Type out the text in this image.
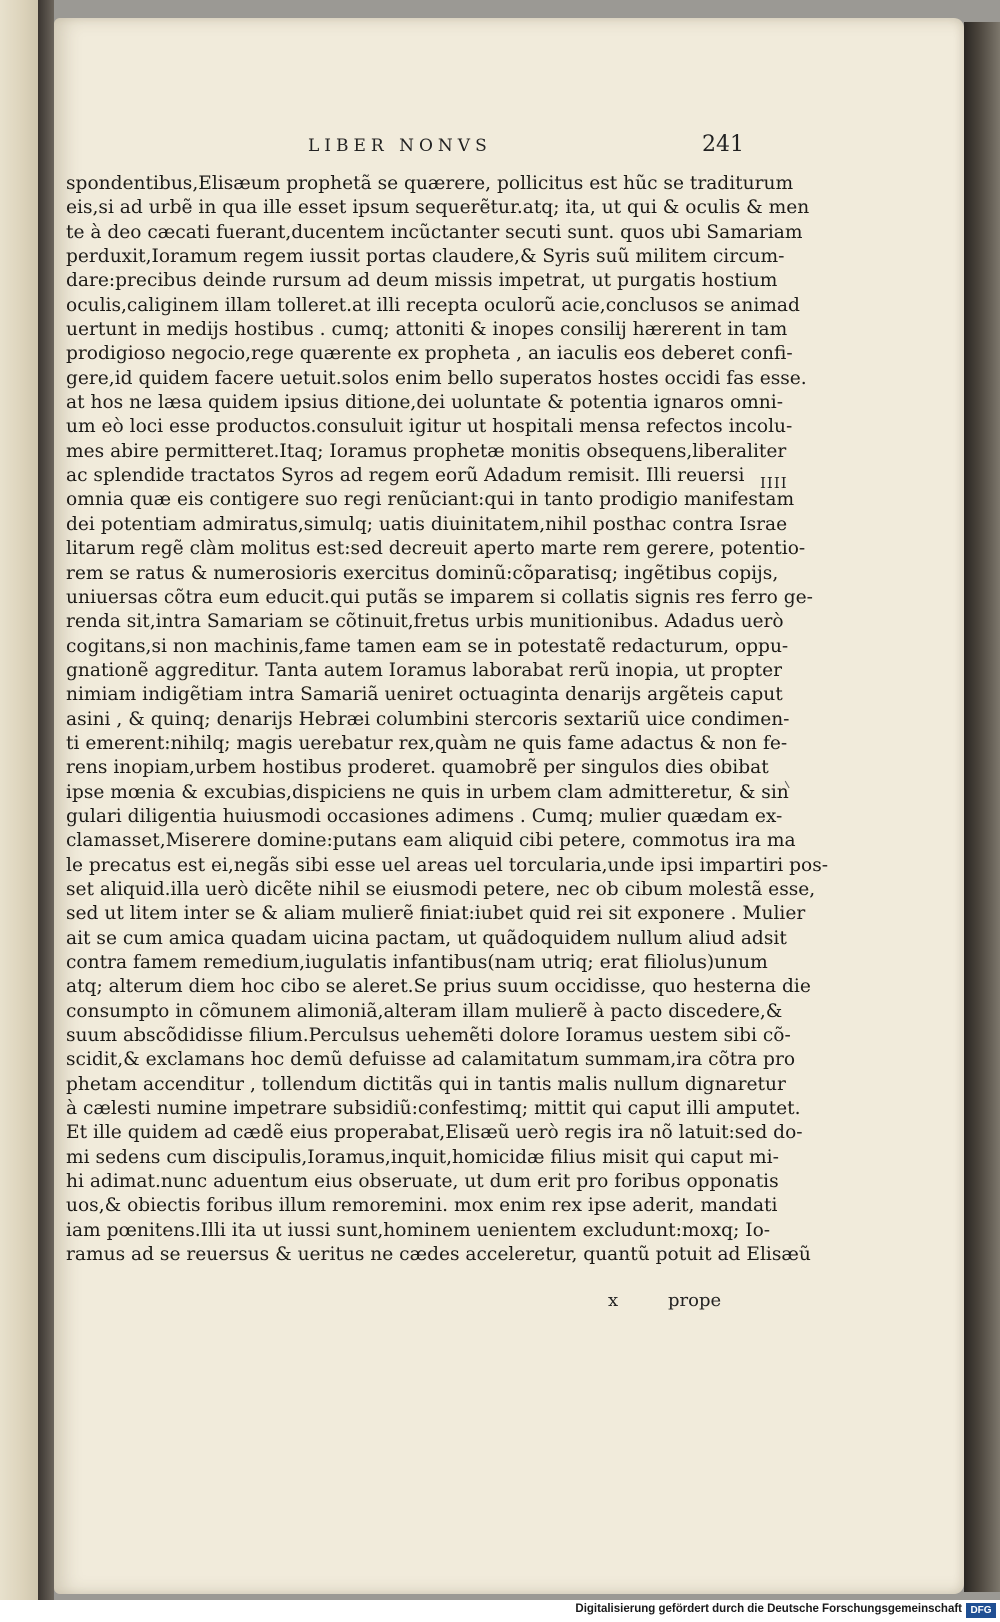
LIBER NONVS	241
spondentibus,Elisæum prophetã se quærere, pollicitus est hũc se traditurum
eis,si ad urbẽ in qua ille esset ipsum sequerẽtur.atq; ita, ut qui & oculis & men
te à deo cæcati fuerant,ducentem incũctanter secuti sunt. quos ubi Samariam
perduxit,Ioramum regem iussit portas claudere,& Syris suũ militem circum-
dare:precibus deinde rursum ad deum missis impetrat, ut purgatis hostium
oculis,caliginem illam tolleret.at illi recepta oculorũ acie,conclusos se animad
uertunt in medijs hostibus . cumq; attoniti & inopes consilij hærerent in tam
prodigioso negocio,rege quærente ex propheta , an iaculis eos deberet confi-
gere,id quidem facere uetuit.solos enim bello superatos hostes occidi fas esse.
at hos ne læsa quidem ipsius ditione,dei uoluntate & potentia ignaros omni-
um eò loci esse productos.consuluit igitur ut hospitali mensa refectos incolu-
mes abire permitteret.Itaq; Ioramus prophetæ monitis obsequens,liberaliter
ac splendide tractatos Syros ad regem eorũ Adadum remisit. Illi reuersi
omnia quæ eis contigere suo regi renũciant:qui in tanto prodigio manifestam
dei potentiam admiratus,simulq; uatis diuinitatem,nihil posthac contra Israe
litarum regẽ clàm molitus est:sed decreuit aperto marte rem gerere, potentio-
rem se ratus & numerosioris exercitus dominũ:cõparatisq; ingẽtibus copijs,
uniuersas cõtra eum educit.qui putãs se imparem si collatis signis res ferro ge-
renda sit,intra Samariam se cõtinuit,fretus urbis munitionibus. Adadus uerò
cogitans,si non machinis,fame tamen eam se in potestatẽ redacturum, oppu-
gnationẽ aggreditur. Tanta autem Ioramus laborabat rerũ inopia, ut propter
nimiam indigẽtiam intra Samariã ueniret octuaginta denarijs argẽteis caput
asini , & quinq; denarijs Hebræi columbini stercoris sextariũ uice condimen-
ti emerent:nihilq; magis uerebatur rex,quàm ne quis fame adactus & non fe-
rens inopiam,urbem hostibus proderet. quamobrẽ per singulos dies obibat
ipse mœnia & excubias,dispiciens ne quis in urbem clam admitteretur, & sin
gulari diligentia huiusmodi occasiones adimens . Cumq; mulier quædam ex-
clamasset,Miserere domine:putans eam aliquid cibi petere, commotus ira ma
le precatus est ei,negãs sibi esse uel areas uel torcularia,unde ipsi impartiri pos-
set aliquid.illa uerò dicẽte nihil se eiusmodi petere, nec ob cibum molestã esse,
sed ut litem inter se & aliam mulierẽ finiat:iubet quid rei sit exponere . Mulier
ait se cum amica quadam uicina pactam, ut quãdoquidem nullum aliud adsit
contra famem remedium,iugulatis infantibus(nam utriq; erat filiolus)unum
atq; alterum diem hoc cibo se aleret.Se prius suum occidisse, quo hesterna die
consumpto in cõmunem alimoniã,alteram illam mulierẽ à pacto discedere,&
suum abscõdidisse filium.Perculsus uehemẽti dolore Ioramus uestem sibi cõ-
scidit,& exclamans hoc demũ defuisse ad calamitatum summam,ira cõtra pro
phetam accenditur , tollendum dictitãs qui in tantis malis nullum dignaretur
à cælesti numine impetrare subsidiũ:confestimq; mittit qui caput illi amputet.
Et ille quidem ad cædẽ eius properabat,Elisæũ uerò regis ira nõ latuit:sed do-
mi sedens cum discipulis,Ioramus,inquit,homicidæ filius misit qui caput mi-
hi adimat.nunc aduentum eius obseruate, ut dum erit pro foribus opponatis
uos,& obiectis foribus illum remoremini. mox enim rex ipse aderit, mandati
iam pœnitens.Illi ita ut iussi sunt,hominem uenientem excludunt:moxq; Io-
ramus ad se reuersus & ueritus ne cædes acceleretur, quantũ potuit ad Elisæũ
IIII
x	prope
Digitalisierung gefördert durch die Deutsche Forschungsgemeinschaft DFG
